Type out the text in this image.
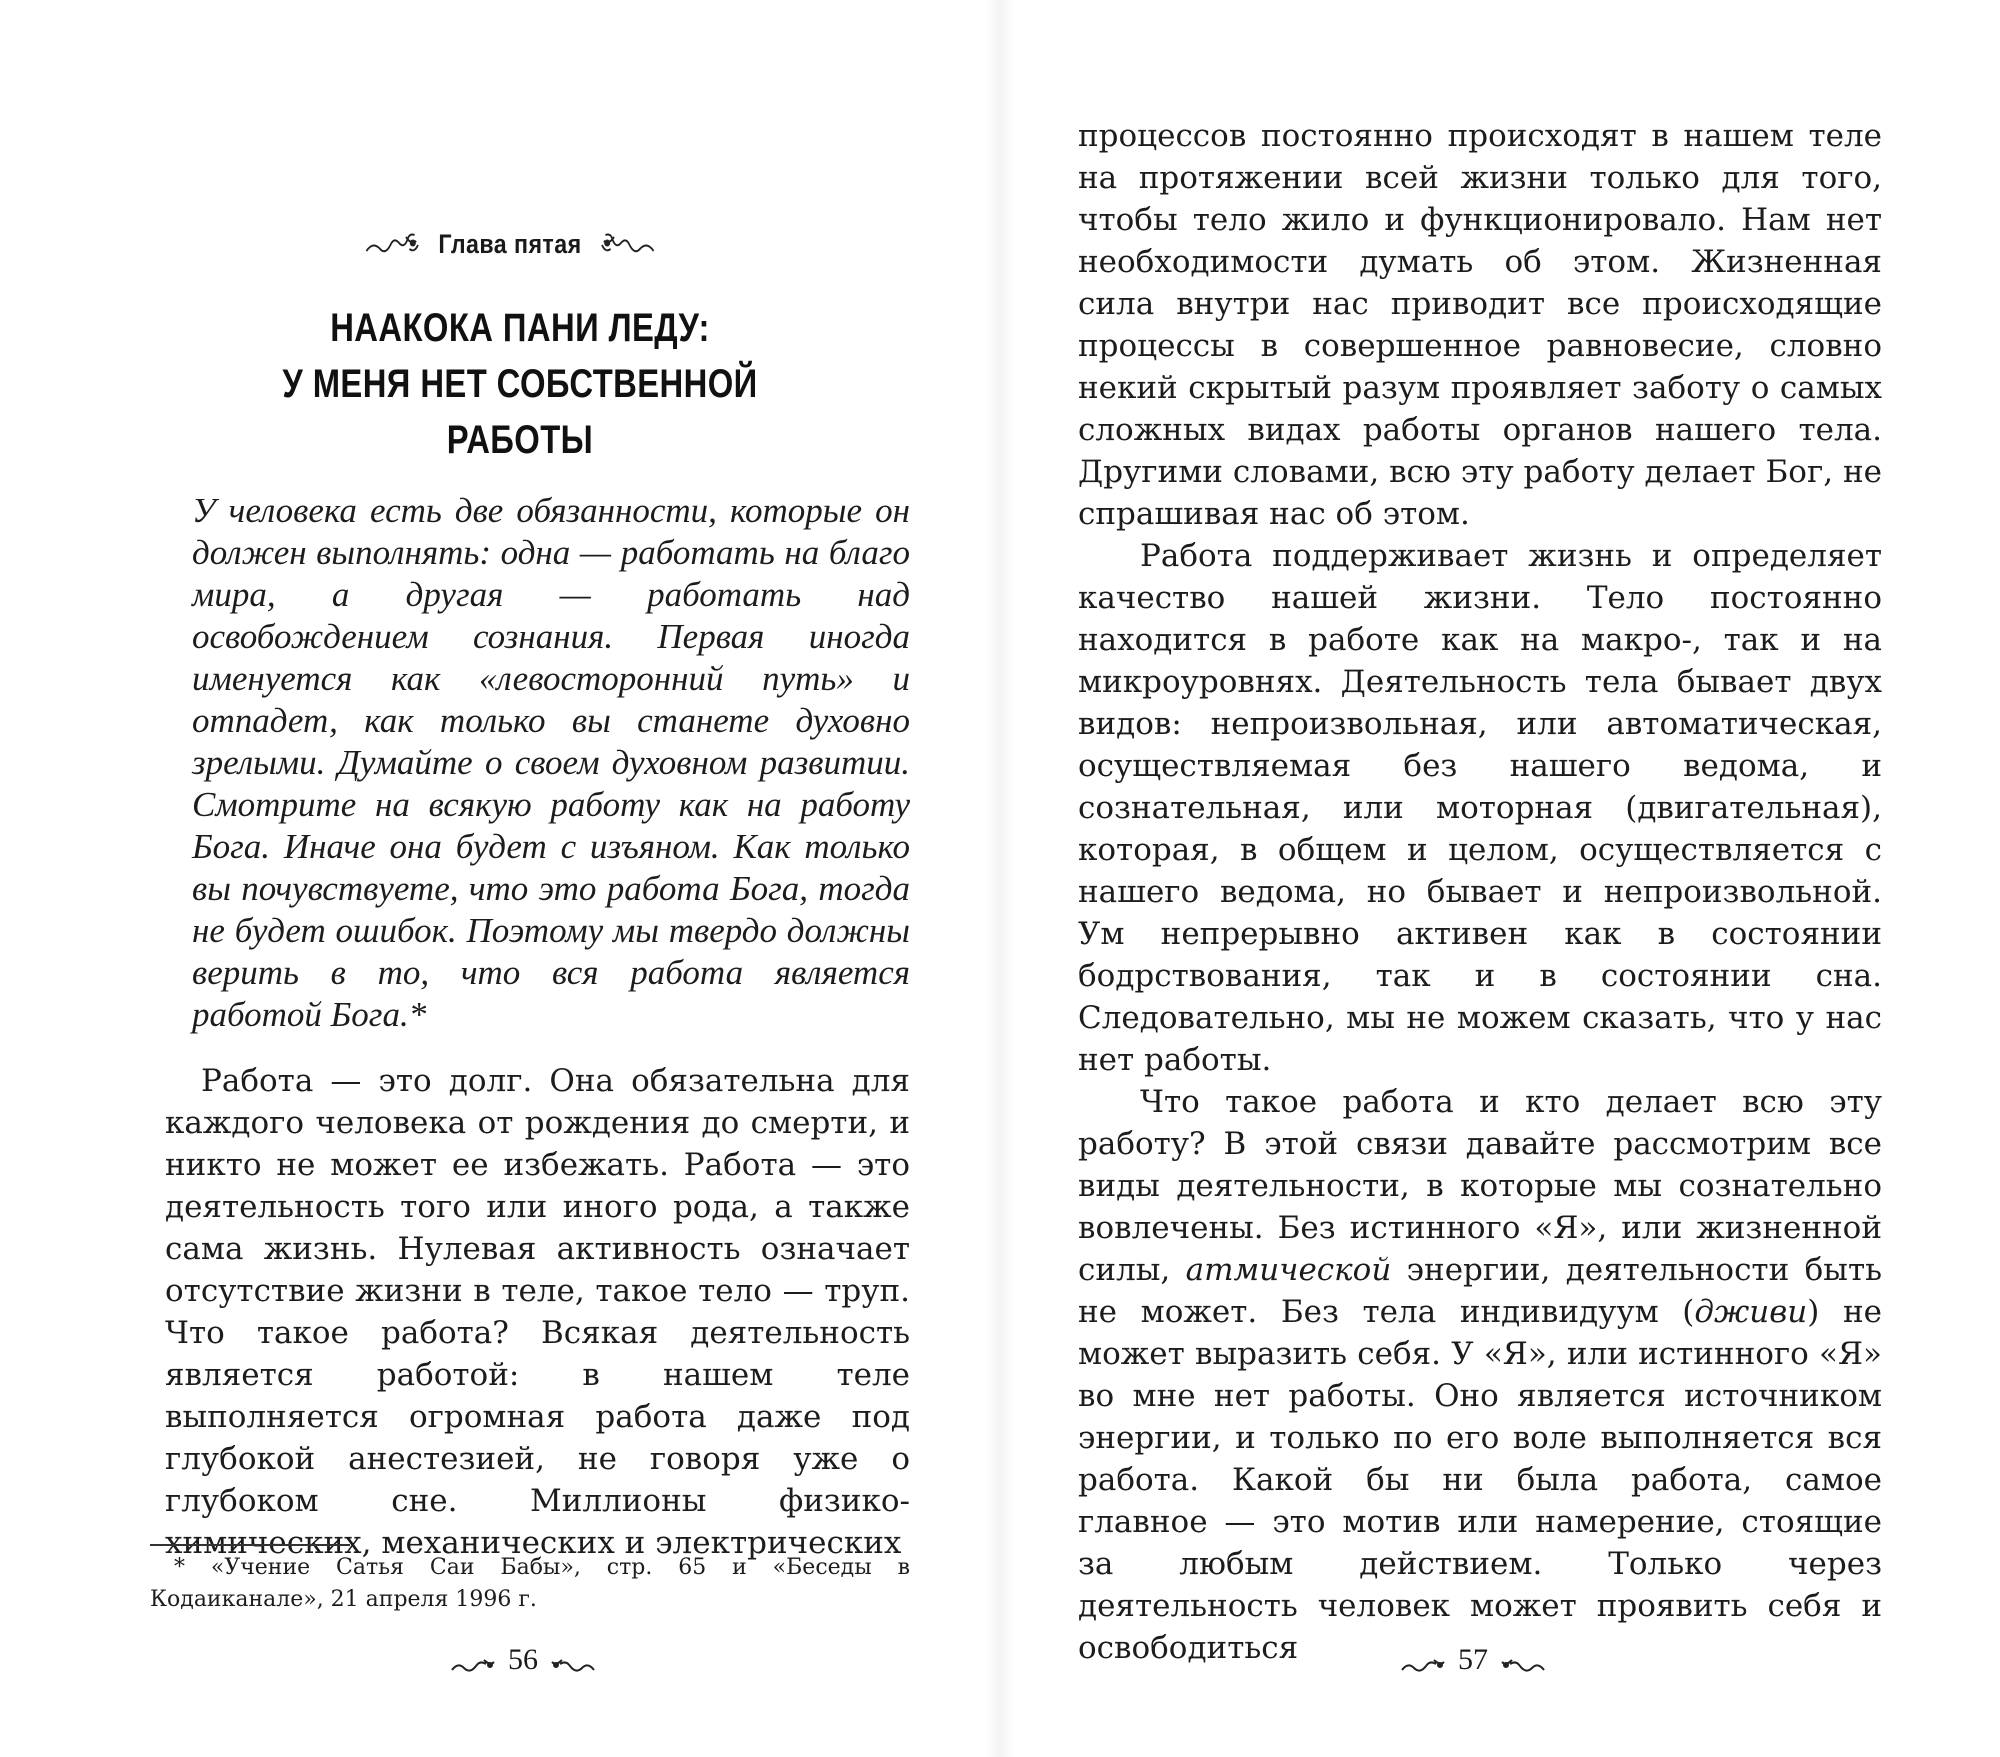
Глава пятая
НААКОКА ПАНИ ЛЕДУ:
У МЕНЯ НЕТ СОБСТВЕННОЙ РАБОТЫ

У человека есть две обязанности, которые он должен выполнять: одна — работать на благо мира, а другая — работать над освобождением сознания. Первая иногда именуется как «левосторонний путь» и отпадет, как только вы станете духовно зрелыми. Думайте о своем духовном развитии. Смотрите на всякую работу как на работу Бога. Иначе она будет с изъяном. Как только вы почувствуете, что это работа Бога, тогда не будет ошибок. Поэтому мы твердо должны верить в то, что вся работа является работой Бога.*

Работа — это долг. Она обязательна для каждого человека от рождения до смерти, и никто не может ее избежать. Работа — это деятельность того или иного рода, а также сама жизнь. Нулевая активность означает отсутствие жизни в теле, такое тело — труп. Что такое работа? Всякая деятельность является работой: в нашем теле выполняется огромная работа даже под глубокой анестезией, не говоря уже о глубоком сне. Миллионы физико-химических, механических и электрических

* «Учение Сатья Саи Бабы», стр. 65 и «Беседы в Кодаиканале», 21 апреля 1996 г.

56

процессов постоянно происходят в нашем теле на протяжении всей жизни только для того, чтобы тело жило и функционировало. Нам нет необходимости думать об этом. Жизненная сила внутри нас приводит все происходящие процессы в совершенное равновесие, словно некий скрытый разум проявляет заботу о самых сложных видах работы органов нашего тела. Другими словами, всю эту работу делает Бог, не спрашивая нас об этом.

Работа поддерживает жизнь и определяет качество нашей жизни. Тело постоянно находится в работе как на макро-, так и на микроуровнях. Деятельность тела бывает двух видов: непроизвольная, или автоматическая, осуществляемая без нашего ведома, и сознательная, или моторная (двигательная), которая, в общем и целом, осуществляется с нашего ведома, но бывает и непроизвольной. Ум непрерывно активен как в состоянии бодрствования, так и в состоянии сна. Следовательно, мы не можем сказать, что у нас нет работы.

Что такое работа и кто делает всю эту работу? В этой связи давайте рассмотрим все виды деятельности, в которые мы сознательно вовлечены. Без истинного «Я», или жизненной силы, атмической энергии, деятельности быть не может. Без тела индивидуум (дживи) не может выразить себя. У «Я», или истинного «Я» во мне нет работы. Оно является источником энергии, и только по его воле выполняется вся работа. Какой бы ни была работа, самое главное — это мотив или намерение, стоящие за любым действием. Только через деятельность человек может проявить себя и освободиться	57
